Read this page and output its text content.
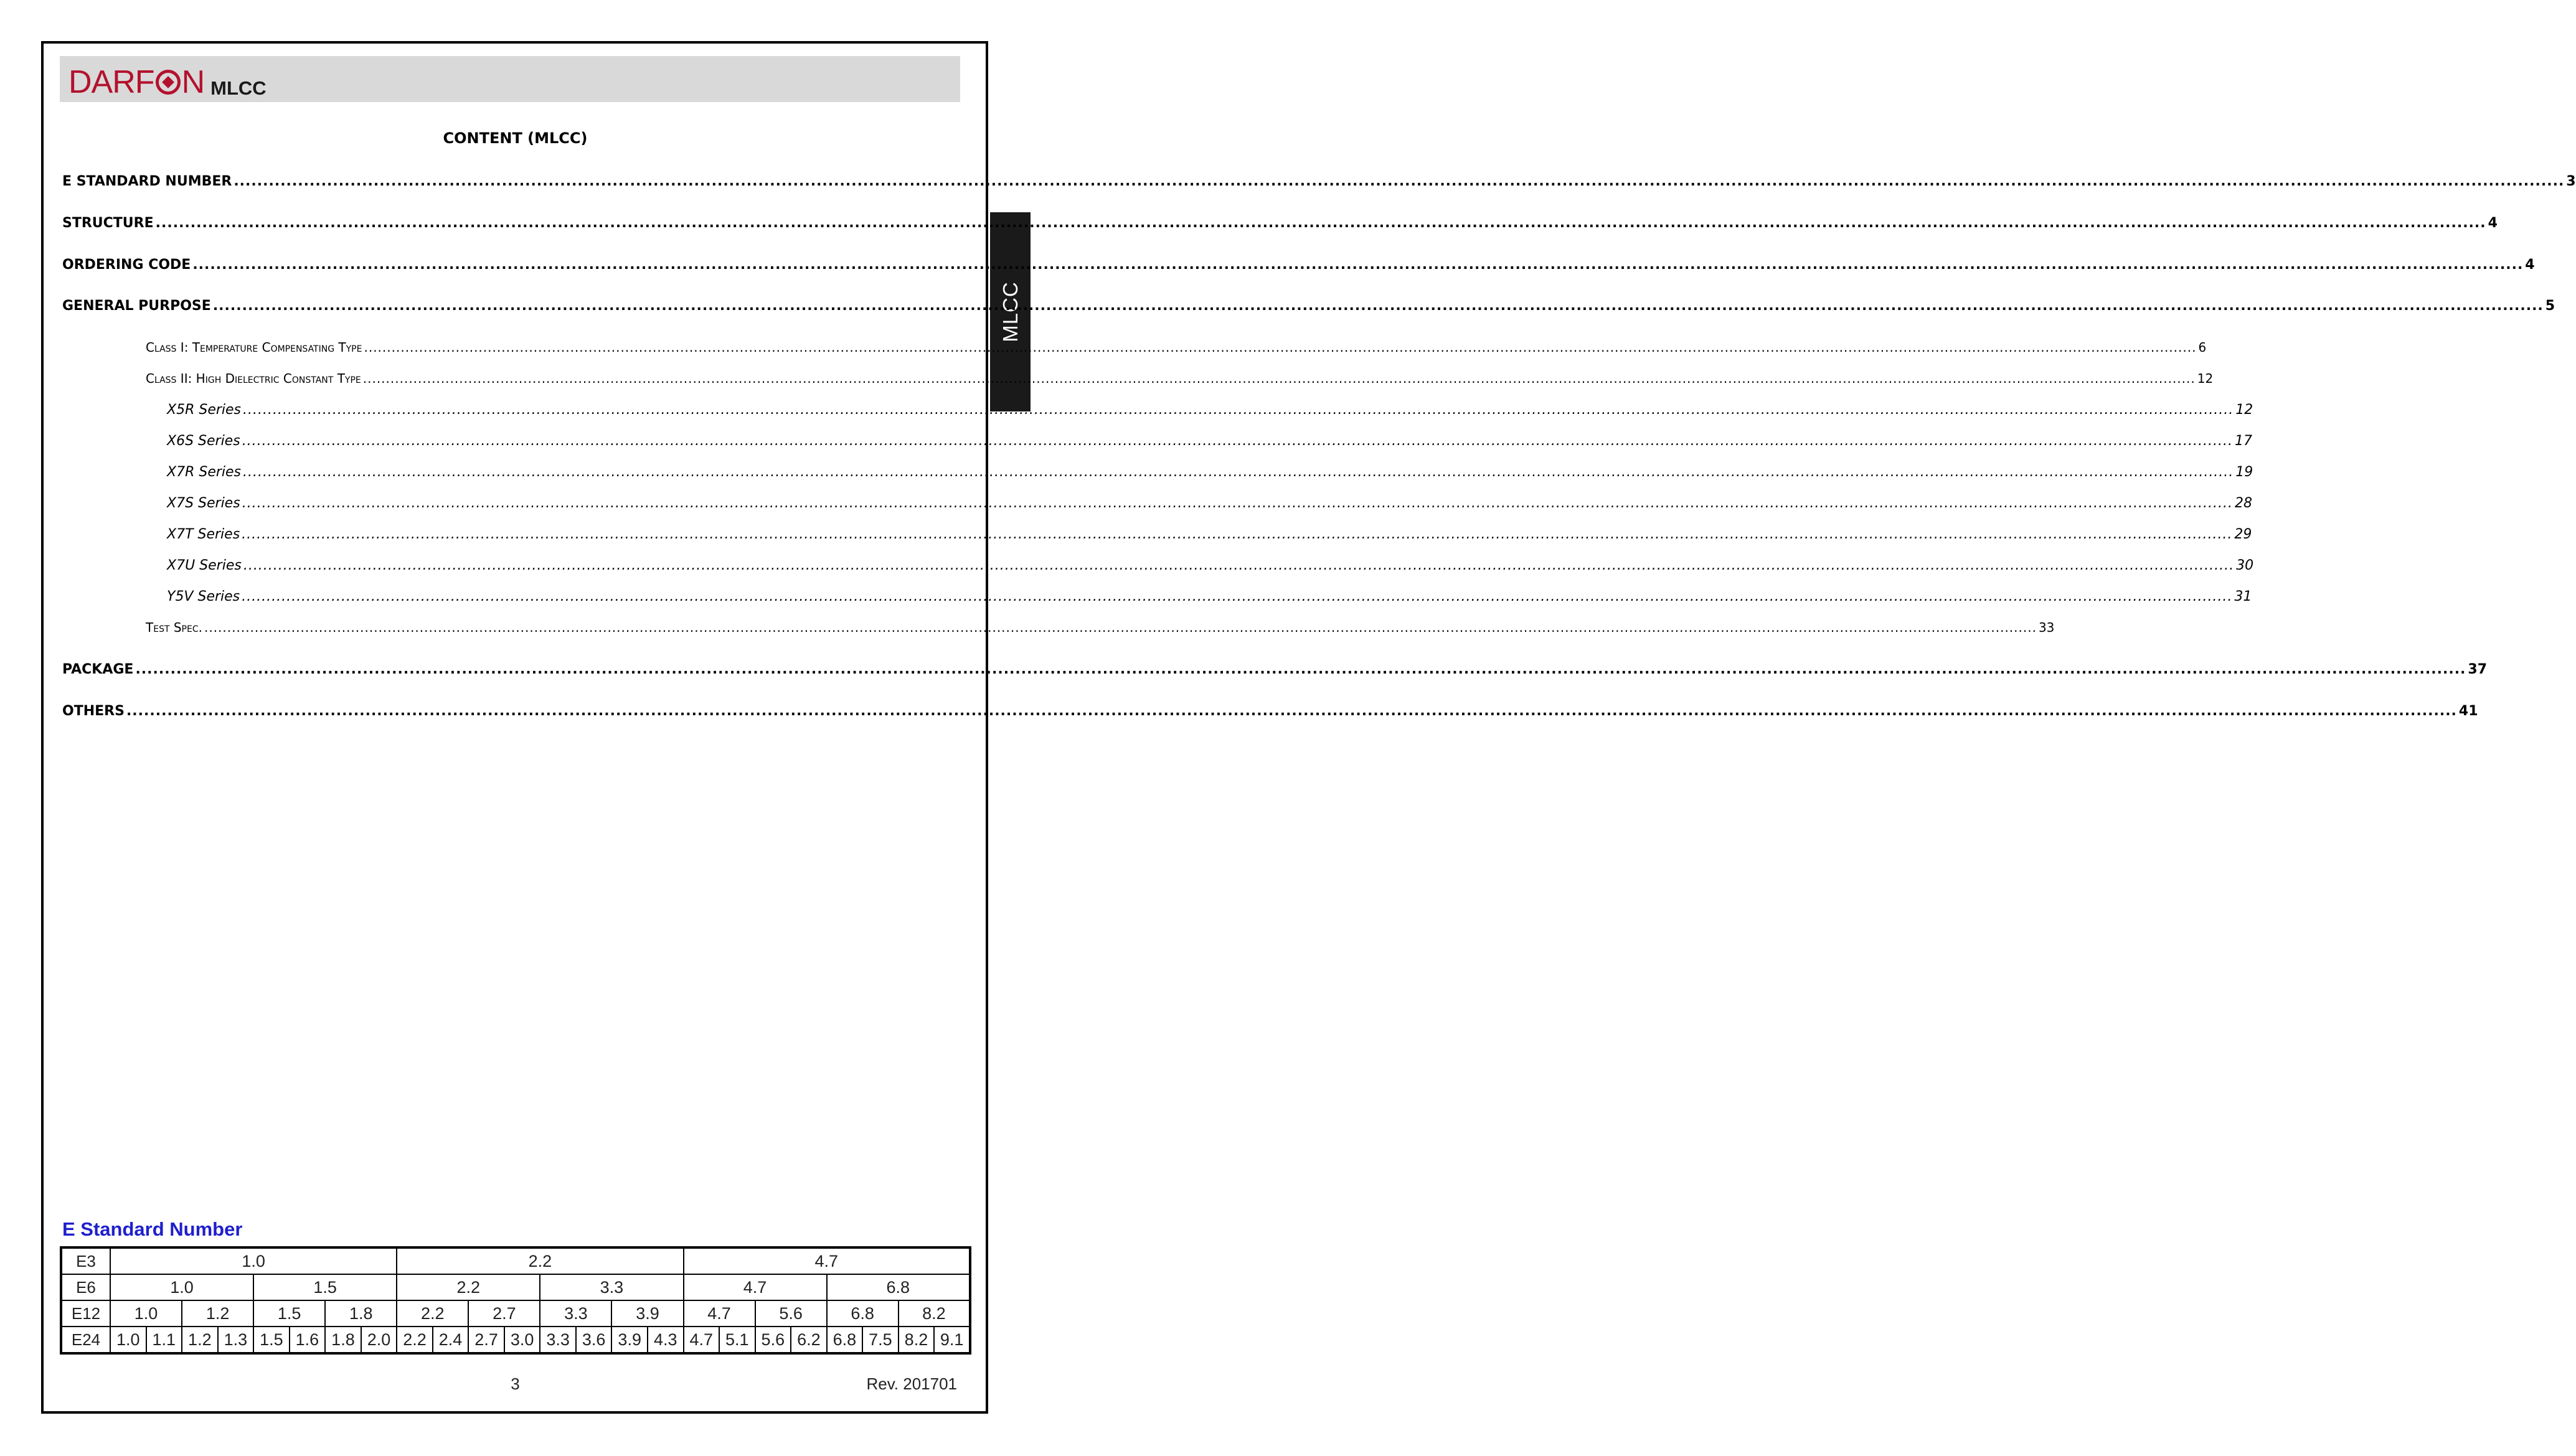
DARF N MLCC
MLCC
CONTENT (MLCC)
E STANDARD NUMBER ................................................................................................................................................................................................................................................................................................................................................................................................................ 3
STRUCTURE ................................................................................................................................................................................................................................................................................................................................................................................................................ 4
ORDERING CODE ................................................................................................................................................................................................................................................................................................................................................................................................................ 4
GENERAL PURPOSE ................................................................................................................................................................................................................................................................................................................................................................................................................ 5
Class I: Temperature Compensating Type ................................................................................................................................................................................................................................................................................................................................................................................................................ 6
Class II: High Dielectric Constant Type ................................................................................................................................................................................................................................................................................................................................................................................................................ 12
X5R Series ................................................................................................................................................................................................................................................................................................................................................................................................................ 12
X6S Series ................................................................................................................................................................................................................................................................................................................................................................................................................ 17
X7R Series ................................................................................................................................................................................................................................................................................................................................................................................................................ 19
X7S Series ................................................................................................................................................................................................................................................................................................................................................................................................................ 28
X7T Series ................................................................................................................................................................................................................................................................................................................................................................................................................ 29
X7U Series ................................................................................................................................................................................................................................................................................................................................................................................................................ 30
Y5V Series ................................................................................................................................................................................................................................................................................................................................................................................................................ 31
Test Spec. ................................................................................................................................................................................................................................................................................................................................................................................................................ 33
PACKAGE ................................................................................................................................................................................................................................................................................................................................................................................................................ 37
OTHERS ................................................................................................................................................................................................................................................................................................................................................................................................................ 41
E Standard Number
E3	1.0								2.2								4.7							
E6	1.0				1.5				2.2				3.3				4.7				6.8			
E12	1.0		1.2		1.5		1.8		2.2		2.7		3.3		3.9		4.7		5.6		6.8		8.2	
E24	1.0	1.1	1.2	1.3	1.5	1.6	1.8	2.0	2.2	2.4	2.7	3.0	3.3	3.6	3.9	4.3	4.7	5.1	5.6	6.2	6.8	7.5	8.2	9.1
3	Rev. 201701
